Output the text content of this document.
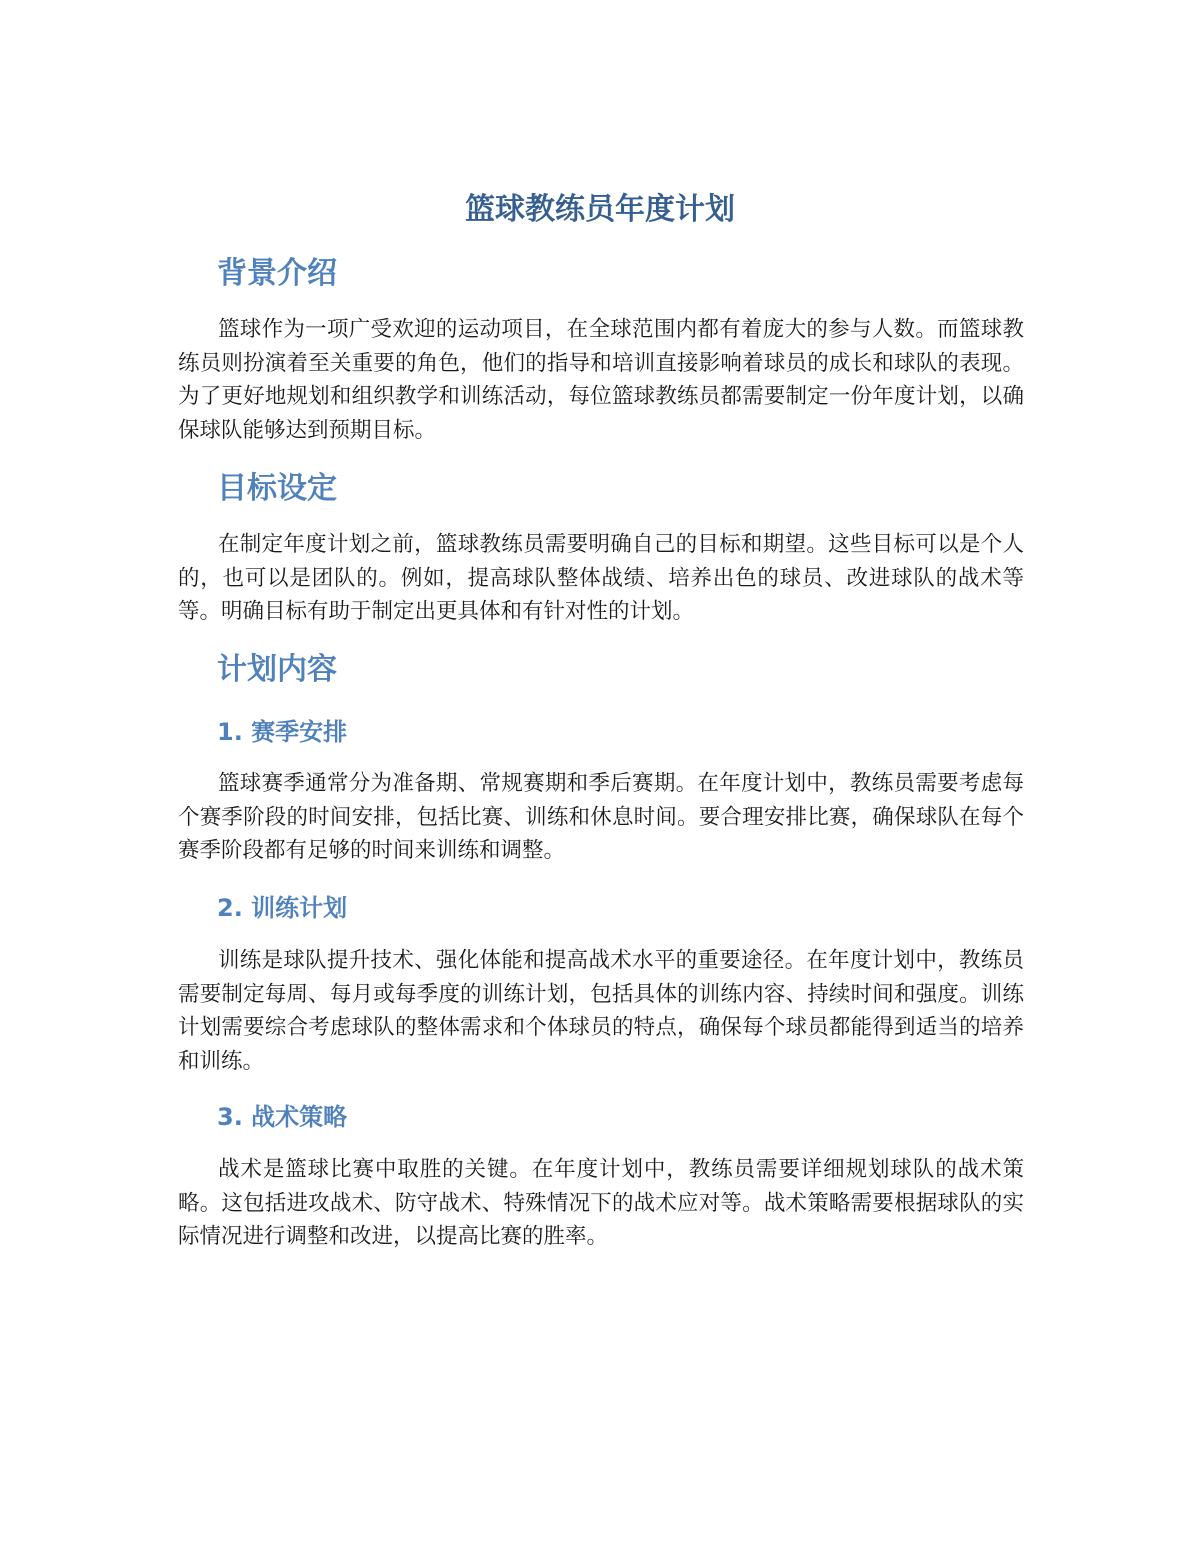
篮球教练员年度计划
背景介绍

篮球作为一项广受欢迎的运动项目，在全球范围内都有着庞大的参与人数。而篮球教练员则扮演着至关重要的角色，他们的指导和培训直接影响着球员的成长和球队的表现。为了更好地规划和组织教学和训练活动，每位篮球教练员都需要制定一份年度计划，以确保球队能够达到预期目标。

目标设定

在制定年度计划之前，篮球教练员需要明确自己的目标和期望。这些目标可以是个人的，也可以是团队的。例如，提高球队整体战绩、培养出色的球员、改进球队的战术等等。明确目标有助于制定出更具体和有针对性的计划。

计划内容
1. 赛季安排

篮球赛季通常分为准备期、常规赛期和季后赛期。在年度计划中，教练员需要考虑每个赛季阶段的时间安排，包括比赛、训练和休息时间。要合理安排比赛，确保球队在每个赛季阶段都有足够的时间来训练和调整。

2. 训练计划

训练是球队提升技术、强化体能和提高战术水平的重要途径。在年度计划中，教练员需要制定每周、每月或每季度的训练计划，包括具体的训练内容、持续时间和强度。训练计划需要综合考虑球队的整体需求和个体球员的特点，确保每个球员都能得到适当的培养和训练。

3. 战术策略

战术是篮球比赛中取胜的关键。在年度计划中，教练员需要详细规划球队的战术策略。这包括进攻战术、防守战术、特殊情况下的战术应对等。战术策略需要根据球队的实际情况进行调整和改进，以提高比赛的胜率。
